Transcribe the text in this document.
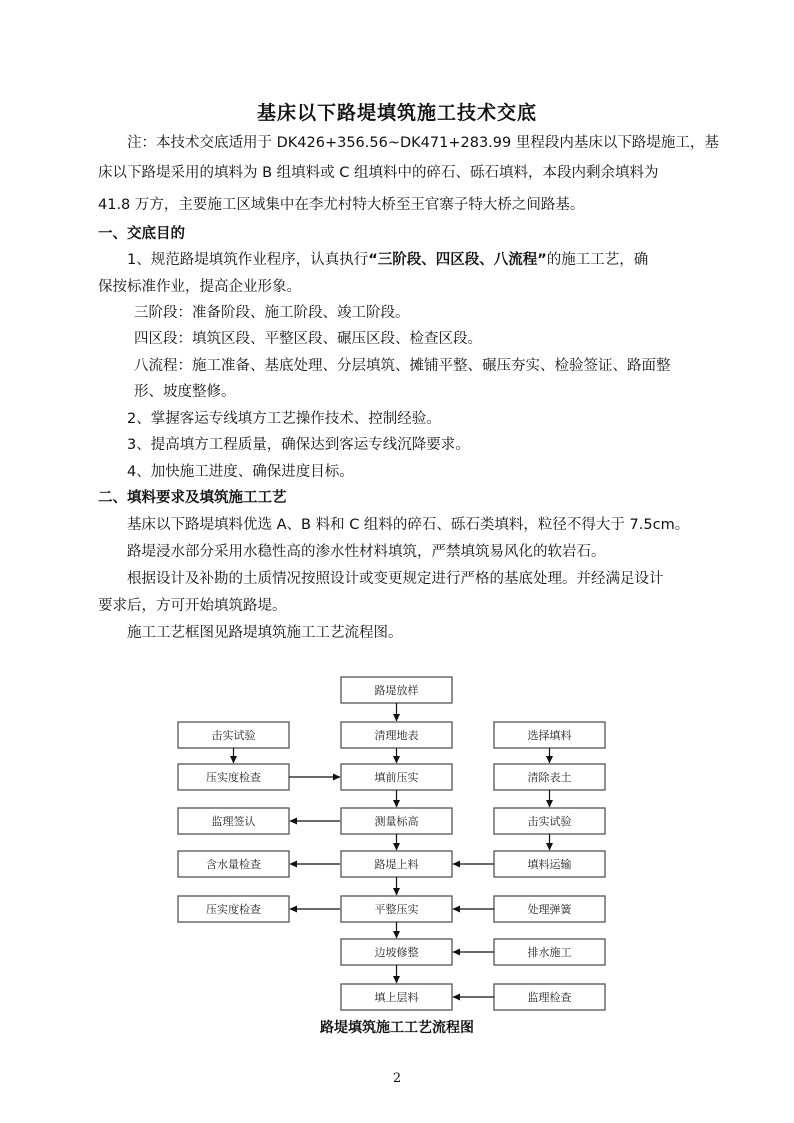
基床以下路堤填筑施工技术交底
注：本技术交底适用于 DK426+356.56~DK471+283.99 里程段内基床以下路堤施工，基
床以下路堤采用的填料为 B 组填料或 C 组填料中的碎石、砾石填料，本段内剩余填料为
41.8 万方，主要施工区域集中在李尤村特大桥至王官寨子特大桥之间路基。
一、交底目的
1、规范路堤填筑作业程序，认真执行“三阶段、四区段、八流程”的施工工艺，确
保按标准作业，提高企业形象。
三阶段：准备阶段、施工阶段、竣工阶段。
四区段：填筑区段、平整区段、碾压区段、检查区段。
八流程：施工准备、基底处理、分层填筑、摊铺平整、碾压夯实、检验签证、路面整
形、坡度整修。
2、掌握客运专线填方工艺操作技术、控制经验。
3、提高填方工程质量，确保达到客运专线沉降要求。
4、加快施工进度、确保进度目标。
二、填料要求及填筑施工工艺
基床以下路堤填料优选 A、B 料和 C 组料的碎石、砾石类填料，粒径不得大于 7.5cm。
路堤浸水部分采用水稳性高的渗水性材料填筑，严禁填筑易风化的软岩石。
根据设计及补勘的土质情况按照设计或变更规定进行严格的基底处理。并经满足设计
要求后，方可开始填筑路堤。
施工工艺框图见路堤填筑施工工艺流程图。
路堤放样
清理地表
填前压实
测量标高
路堤上料
平整压实
边坡修整
填上层料
击实试验
压实度检查
监理签认
含水量检查
压实度检查
选择填料
清除表土
击实试验
填料运输
处理弹簧
排水施工
监理检查
路堤填筑施工工艺流程图
2
